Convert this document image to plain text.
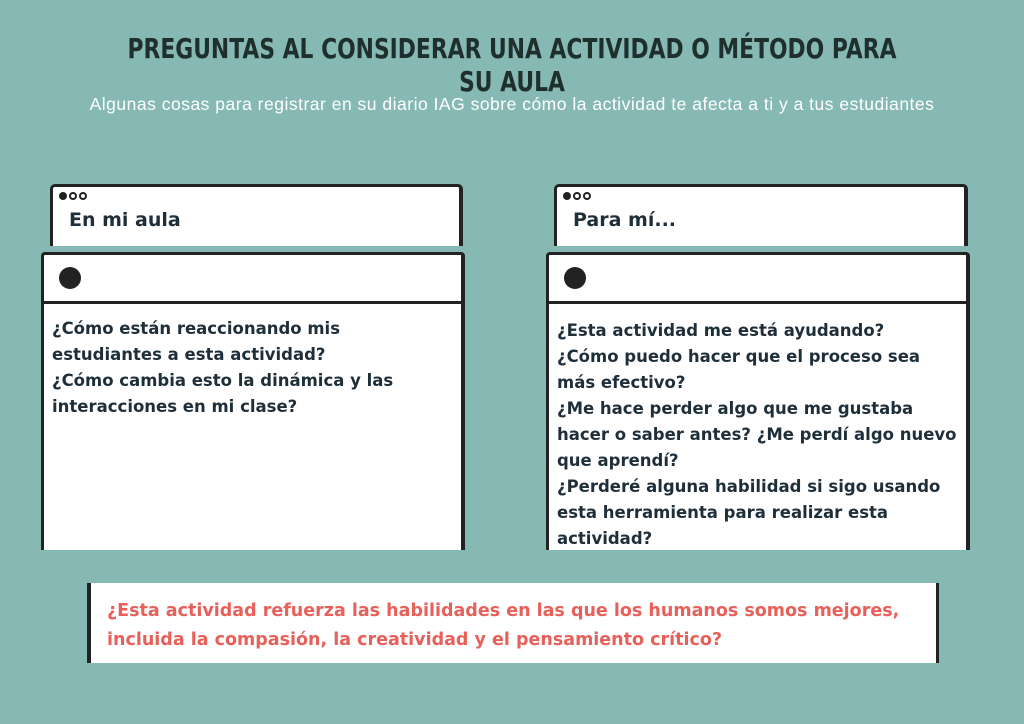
PREGUNTAS AL CONSIDERAR UNA ACTIVIDAD O MÉTODO PARA SU AULA
Algunas cosas para registrar en su diario IAG sobre cómo la actividad te afecta a ti y a tus estudiantes
En mi aula

¿Cómo están reaccionando mis estudiantes a esta actividad?

¿Cómo cambia esto la dinámica y las interacciones en mi clase?

Para mí...

¿Esta actividad me está ayudando?

¿Cómo puedo hacer que el proceso sea más efectivo?

¿Me hace perder algo que me gustaba hacer o saber antes? ¿Me perdí algo nuevo que aprendí?

¿Perderé alguna habilidad si sigo usando esta herramienta para realizar esta actividad?

¿Esta actividad refuerza las habilidades en las que los humanos somos mejores, incluida la compasión, la creatividad y el pensamiento crítico?
